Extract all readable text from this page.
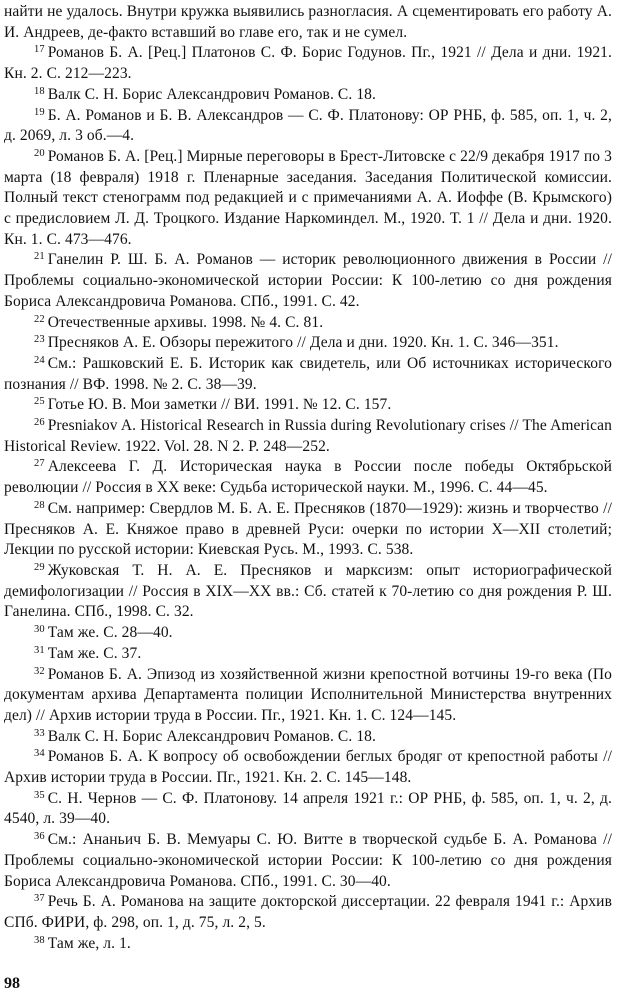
найти не удалось. Внутри кружка выявились разногласия. А сцементировать его работу А. И. Андреев, де-факто вставший во главе его, так и не сумел.

$^{17}$ Романов Б. А. [Рец.] Платонов С. Ф. Борис Годунов. Пг., 1921 // Дела и дни. 1921. Кн. 2. С. 212—223.

$^{18}$ Валк С. Н. Борис Александрович Романов. С. 18.

$^{19}$ Б. А. Романов и Б. В. Александров — С. Ф. Платонову: ОР РНБ, ф. 585, оп. 1, ч. 2, д. 2069, л. 3 об.—4.

$^{20}$ Романов Б. А. [Рец.] Мирные переговоры в Брест-Литовске с 22/9 декабря 1917 по 3 марта (18 февраля) 1918 г. Пленарные заседания. Заседания Политической комиссии. Полный текст стенограмм под редакцией и с примечаниями А. А. Иоффе (В. Крымского) с предисловием Л. Д. Троцкого. Издание Наркоминдел. М., 1920. Т. 1 // Дела и дни. 1920. Кн. 1. С. 473—476.

$^{21}$ Ганелин Р. Ш. Б. А. Романов — историк революционного движения в России // Проблемы социально-экономической истории России: К 100-летию со дня рождения Бориса Александровича Романова. СПб., 1991. С. 42.

$^{22}$ Отечественные архивы. 1998. № 4. С. 81.

$^{23}$ Пресняков А. Е. Обзоры пережитого // Дела и дни. 1920. Кн. 1. С. 346—351.

$^{24}$ См.: Рашковский Е. Б. Историк как свидетель, или Об источниках исторического познания // ВФ. 1998. № 2. С. 38—39.

$^{25}$ Готье Ю. В. Мои заметки // ВИ. 1991. № 12. С. 157.

$^{26}$ Presniakov A. Historical Research in Russia during Revolutionary crises // The American Historical Review. 1922. Vol. 28. N 2. P. 248—252.

$^{27}$ Алексеева Г. Д. Историческая наука в России после победы Октябрьской революции // Россия в XX веке: Судьба исторической науки. М., 1996. С. 44—45.

$^{28}$ См. например: Свердлов М. Б. А. Е. Пресняков (1870—1929): жизнь и творчество // Пресняков А. Е. Княжое право в древней Руси: очерки по истории X—XII столетий; Лекции по русской истории: Киевская Русь. М., 1993. С. 538.

$^{29}$ Жуковская Т. Н. А. Е. Пресняков и марксизм: опыт историографической демифологизации // Россия в XIX—XX вв.: Сб. статей к 70-летию со дня рождения Р. Ш. Ганелина. СПб., 1998. С. 32.

$^{30}$ Там же. С. 28—40.

$^{31}$ Там же. С. 37.

$^{32}$ Романов Б. А. Эпизод из хозяйственной жизни крепостной вотчины 19-го века (По документам архива Департамента полиции Исполнительной Министерства внутренних дел) // Архив истории труда в России. Пг., 1921. Кн. 1. С. 124—145.

$^{33}$ Валк С. Н. Борис Александрович Романов. С. 18.

$^{34}$ Романов Б. А. К вопросу об освобождении беглых бродяг от крепостной работы // Архив истории труда в России. Пг., 1921. Кн. 2. С. 145—148.

$^{35}$ С. Н. Чернов — С. Ф. Платонову. 14 апреля 1921 г.: ОР РНБ, ф. 585, оп. 1, ч. 2, д. 4540, л. 39—40.

$^{36}$ См.: Ананьич Б. В. Мемуары С. Ю. Витте в творческой судьбе Б. А. Романова // Проблемы социально-экономической истории России: К 100-летию со дня рождения Бориса Александровича Романова. СПб., 1991. С. 30—40.

$^{37}$ Речь Б. А. Романова на защите докторской диссертации. 22 февраля 1941 г.: Архив СПб. ФИРИ, ф. 298, оп. 1, д. 75, л. 2, 5.

$^{38}$ Там же, л. 1.

98
